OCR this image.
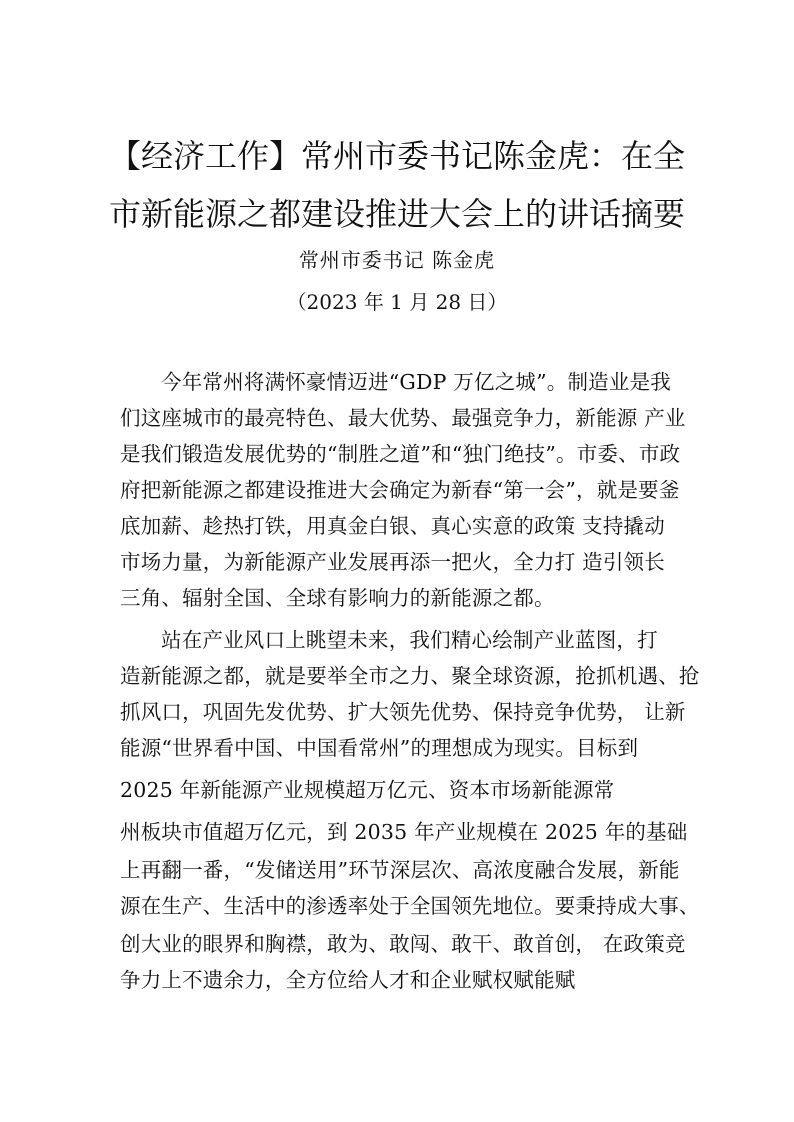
【经济工作】常州市委书记陈金虎：在全
市新能源之都建设推进大会上的讲话摘要
常州市委书记 陈金虎
（2023 年 1 月 28 日）
今年常州将满怀豪情迈进“GDP 万亿之城”。制造业是我
们这座城市的最亮特色、最大优势、最强竞争力，新能源 产业
是我们锻造发展优势的“制胜之道”和“独门绝技”。市委、市政
府把新能源之都建设推进大会确定为新春“第一会”，就是要釜
底加薪、趁热打铁，用真金白银、真心实意的政策 支持撬动
市场力量，为新能源产业发展再添一把火，全力打 造引领长
三角、辐射全国、全球有影响力的新能源之都。
站在产业风口上眺望未来，我们精心绘制产业蓝图，打
造新能源之都，就是要举全市之力、聚全球资源，抢抓机遇、抢
抓风口，巩固先发优势、扩大领先优势、保持竞争优势， 让新
能源“世界看中国、中国看常州”的理想成为现实。目标到
2025 年新能源产业规模超万亿元、资本市场新能源常
州板块市值超万亿元，到 2035 年产业规模在 2025 年的基础
上再翻一番，“发储送用”环节深层次、高浓度融合发展，新能
源在生产、生活中的渗透率处于全国领先地位。要秉持成大事、
创大业的眼界和胸襟，敢为、敢闯、敢干、敢首创， 在政策竞
争力上不遗余力，全方位给人才和企业赋权赋能赋
